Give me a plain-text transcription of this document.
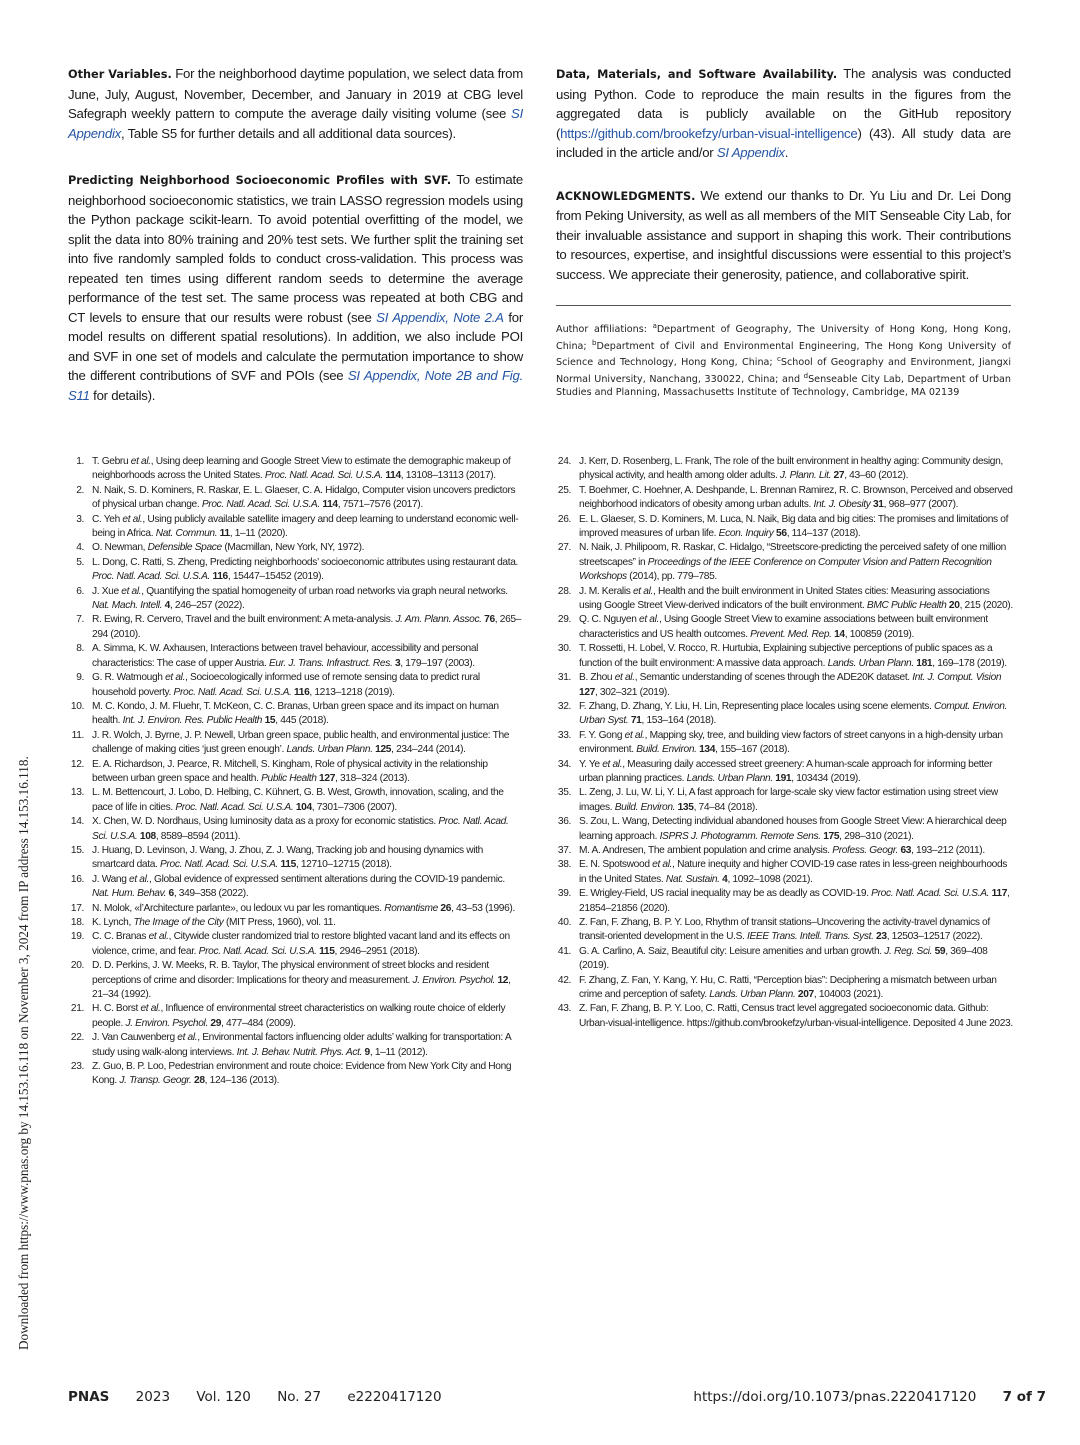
Other Variables. For the neighborhood daytime population, we select data from June, July, August, November, December, and January in 2019 at CBG level Safegraph weekly pattern to compute the average daily visiting volume (see SI Appendix, Table S5 for further details and all additional data sources).

Predicting Neighborhood Socioeconomic Profiles with SVF. To estimate neighborhood socioeconomic statistics, we train LASSO regression models using the Python package scikit-learn. To avoid potential overfitting of the model, we split the data into 80% training and 20% test sets. We further split the training set into five randomly sampled folds to conduct cross-validation. This process was repeated ten times using different random seeds to determine the average performance of the test set. The same process was repeated at both CBG and CT levels to ensure that our results were robust (see SI Appendix, Note 2.A for model results on different spatial resolutions). In addition, we also include POI and SVF in one set of models and calculate the permutation importance to show the different contributions of SVF and POIs (see SI Appendix, Note 2B and Fig. S11 for details).

Data, Materials, and Software Availability. The analysis was conducted using Python. Code to reproduce the main results in the figures from the aggregated data is publicly available on the GitHub repository (https://github.com/brookefzy/urban-visual-intelligence) (43). All study data are included in the article and/or SI Appendix.

ACKNOWLEDGMENTS. We extend our thanks to Dr. Yu Liu and Dr. Lei Dong from Peking University, as well as all members of the MIT Senseable City Lab, for their invaluable assistance and support in shaping this work. Their contributions to resources, expertise, and insightful discussions were essential to this project’s success. We appreciate their generosity, patience, and collaborative spirit.

Author affiliations: $^a$Department of Geography, The University of Hong Kong, Hong Kong, China; $^b$Department of Civil and Environmental Engineering, The Hong Kong University of Science and Technology, Hong Kong, China; $^c$School of Geography and Environment, Jiangxi Normal University, Nanchang, 330022, China; and $^d$Senseable City Lab, Department of Urban Studies and Planning, Massachusetts Institute of Technology, Cambridge, MA 02139

1. T. Gebru et al., Using deep learning and Google Street View to estimate the demographic makeup of neighborhoods across the United States. Proc. Natl. Acad. Sci. U.S.A. 114, 13108–13113 (2017).
2. N. Naik, S. D. Kominers, R. Raskar, E. L. Glaeser, C. A. Hidalgo, Computer vision uncovers predictors of physical urban change. Proc. Natl. Acad. Sci. U.S.A. 114, 7571–7576 (2017).
3. C. Yeh et al., Using publicly available satellite imagery and deep learning to understand economic well-being in Africa. Nat. Commun. 11, 1–11 (2020).
4. O. Newman, Defensible Space (Macmillan, New York, NY, 1972).
5. L. Dong, C. Ratti, S. Zheng, Predicting neighborhoods’ socioeconomic attributes using restaurant data. Proc. Natl. Acad. Sci. U.S.A. 116, 15447–15452 (2019).
6. J. Xue et al., Quantifying the spatial homogeneity of urban road networks via graph neural networks. Nat. Mach. Intell. 4, 246–257 (2022).
7. R. Ewing, R. Cervero, Travel and the built environment: A meta-analysis. J. Am. Plann. Assoc. 76, 265–294 (2010).
8. A. Simma, K. W. Axhausen, Interactions between travel behaviour, accessibility and personal characteristics: The case of upper Austria. Eur. J. Trans. Infrastruct. Res. 3, 179–197 (2003).
9. G. R. Watmough et al., Socioecologically informed use of remote sensing data to predict rural household poverty. Proc. Natl. Acad. Sci. U.S.A. 116, 1213–1218 (2019).
10. M. C. Kondo, J. M. Fluehr, T. McKeon, C. C. Branas, Urban green space and its impact on human health. Int. J. Environ. Res. Public Health 15, 445 (2018).
11. J. R. Wolch, J. Byrne, J. P. Newell, Urban green space, public health, and environmental justice: The challenge of making cities ‘just green enough’. Lands. Urban Plann. 125, 234–244 (2014).
12. E. A. Richardson, J. Pearce, R. Mitchell, S. Kingham, Role of physical activity in the relationship between urban green space and health. Public Health 127, 318–324 (2013).
13. L. M. Bettencourt, J. Lobo, D. Helbing, C. Kühnert, G. B. West, Growth, innovation, scaling, and the pace of life in cities. Proc. Natl. Acad. Sci. U.S.A. 104, 7301–7306 (2007).
14. X. Chen, W. D. Nordhaus, Using luminosity data as a proxy for economic statistics. Proc. Natl. Acad. Sci. U.S.A. 108, 8589–8594 (2011).
15. J. Huang, D. Levinson, J. Wang, J. Zhou, Z. J. Wang, Tracking job and housing dynamics with smartcard data. Proc. Natl. Acad. Sci. U.S.A. 115, 12710–12715 (2018).
16. J. Wang et al., Global evidence of expressed sentiment alterations during the COVID-19 pandemic. Nat. Hum. Behav. 6, 349–358 (2022).
17. N. Molok, «l’Architecture parlante», ou ledoux vu par les romantiques. Romantisme 26, 43–53 (1996).
18. K. Lynch, The Image of the City (MIT Press, 1960), vol. 11.
19. C. C. Branas et al., Citywide cluster randomized trial to restore blighted vacant land and its effects on violence, crime, and fear. Proc. Natl. Acad. Sci. U.S.A. 115, 2946–2951 (2018).
20. D. D. Perkins, J. W. Meeks, R. B. Taylor, The physical environment of street blocks and resident perceptions of crime and disorder: Implications for theory and measurement. J. Environ. Psychol. 12, 21–34 (1992).
21. H. C. Borst et al., Influence of environmental street characteristics on walking route choice of elderly people. J. Environ. Psychol. 29, 477–484 (2009).
22. J. Van Cauwenberg et al., Environmental factors influencing older adults’ walking for transportation: A study using walk-along interviews. Int. J. Behav. Nutrit. Phys. Act. 9, 1–11 (2012).
23. Z. Guo, B. P. Loo, Pedestrian environment and route choice: Evidence from New York City and Hong Kong. J. Transp. Geogr. 28, 124–136 (2013).
24. J. Kerr, D. Rosenberg, L. Frank, The role of the built environment in healthy aging: Community design, physical activity, and health among older adults. J. Plann. Lit. 27, 43–60 (2012).
25. T. Boehmer, C. Hoehner, A. Deshpande, L. Brennan Ramirez, R. C. Brownson, Perceived and observed neighborhood indicators of obesity among urban adults. Int. J. Obesity 31, 968–977 (2007).
26. E. L. Glaeser, S. D. Kominers, M. Luca, N. Naik, Big data and big cities: The promises and limitations of improved measures of urban life. Econ. Inquiry 56, 114–137 (2018).
27. N. Naik, J. Philipoom, R. Raskar, C. Hidalgo, “Streetscore-predicting the perceived safety of one million streetscapes” in Proceedings of the IEEE Conference on Computer Vision and Pattern Recognition Workshops (2014), pp. 779–785.
28. J. M. Keralis et al., Health and the built environment in United States cities: Measuring associations using Google Street View-derived indicators of the built environment. BMC Public Health 20, 215 (2020).
29. Q. C. Nguyen et al., Using Google Street View to examine associations between built environment characteristics and US health outcomes. Prevent. Med. Rep. 14, 100859 (2019).
30. T. Rossetti, H. Lobel, V. Rocco, R. Hurtubia, Explaining subjective perceptions of public spaces as a function of the built environment: A massive data approach. Lands. Urban Plann. 181, 169–178 (2019).
31. B. Zhou et al., Semantic understanding of scenes through the ADE20K dataset. Int. J. Comput. Vision 127, 302–321 (2019).
32. F. Zhang, D. Zhang, Y. Liu, H. Lin, Representing place locales using scene elements. Comput. Environ. Urban Syst. 71, 153–164 (2018).
33. F. Y. Gong et al., Mapping sky, tree, and building view factors of street canyons in a high-density urban environment. Build. Environ. 134, 155–167 (2018).
34. Y. Ye et al., Measuring daily accessed street greenery: A human-scale approach for informing better urban planning practices. Lands. Urban Plann. 191, 103434 (2019).
35. L. Zeng, J. Lu, W. Li, Y. Li, A fast approach for large-scale sky view factor estimation using street view images. Build. Environ. 135, 74–84 (2018).
36. S. Zou, L. Wang, Detecting individual abandoned houses from Google Street View: A hierarchical deep learning approach. ISPRS J. Photogramm. Remote Sens. 175, 298–310 (2021).
37. M. A. Andresen, The ambient population and crime analysis. Profess. Geogr. 63, 193–212 (2011).
38. E. N. Spotswood et al., Nature inequity and higher COVID-19 case rates in less-green neighbourhoods in the United States. Nat. Sustain. 4, 1092–1098 (2021).
39. E. Wrigley-Field, US racial inequality may be as deadly as COVID-19. Proc. Natl. Acad. Sci. U.S.A. 117, 21854–21856 (2020).
40. Z. Fan, F. Zhang, B. P. Y. Loo, Rhythm of transit stations–Uncovering the activity-travel dynamics of transit-oriented development in the U.S. IEEE Trans. Intell. Trans. Syst. 23, 12503–12517 (2022).
41. G. A. Carlino, A. Saiz, Beautiful city: Leisure amenities and urban growth. J. Reg. Sci. 59, 369–408 (2019).
42. F. Zhang, Z. Fan, Y. Kang, Y. Hu, C. Ratti, “Perception bias”: Deciphering a mismatch between urban crime and perception of safety. Lands. Urban Plann. 207, 104003 (2021).
43. Z. Fan, F. Zhang, B. P. Y. Loo, C. Ratti, Census tract level aggregated socioeconomic data. Github: Urban-visual-intelligence. https://github.com/brookefzy/urban-visual-intelligence. Deposited 4 June 2023.
Downloaded from https://www.pnas.org by 14.153.16.118 on November 3, 2024 from IP address 14.153.16.118.
PNAS 2023 Vol. 120 No. 27 e2220417120	https://doi.org/10.1073/pnas.2220417120 7 of 7
